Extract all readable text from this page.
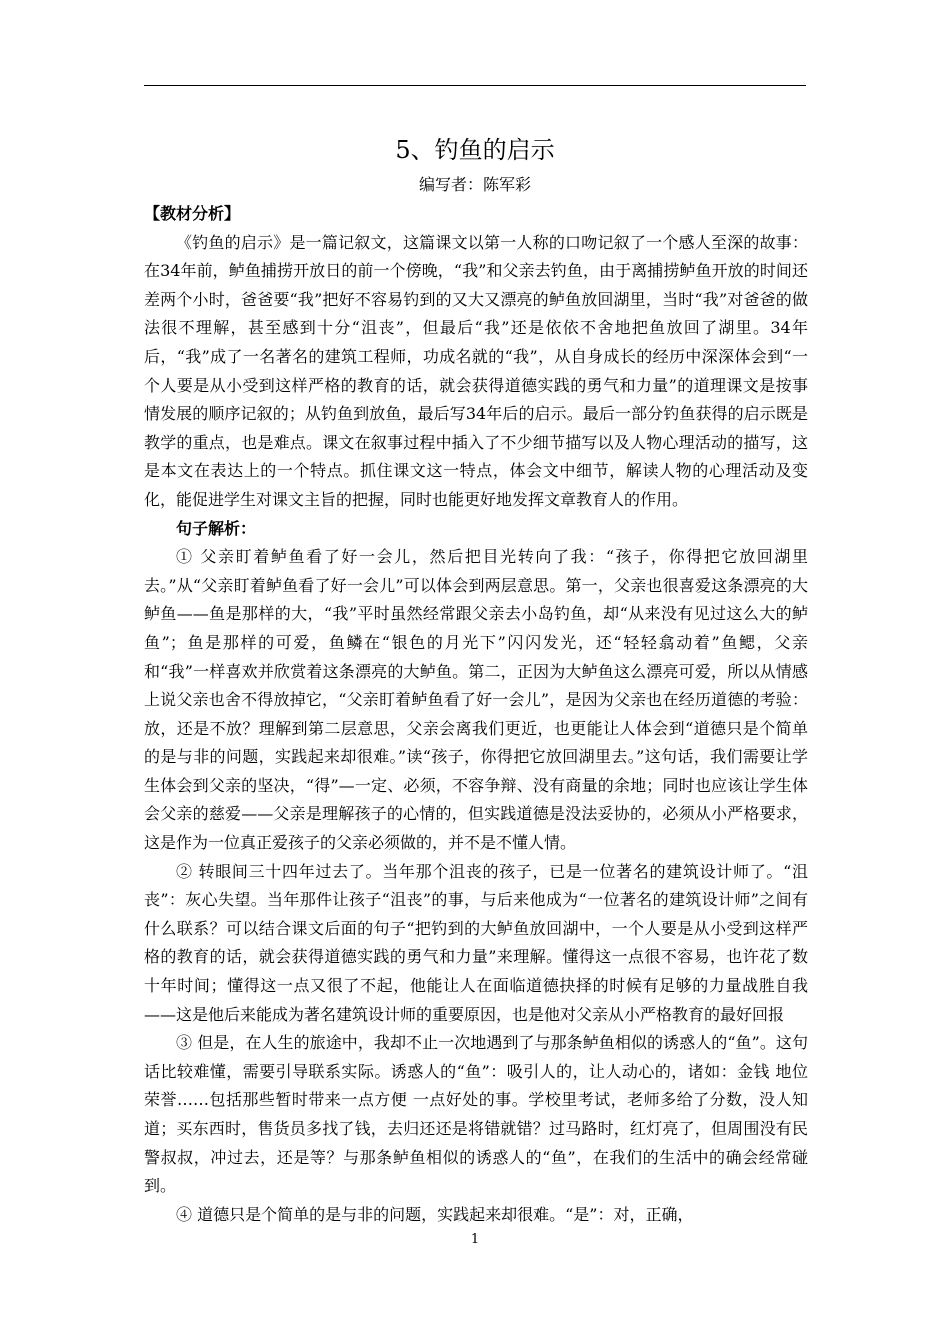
5、钓鱼的启示
编写者：陈军彩

【教材分析】

《钓鱼的启示》是一篇记叙文，这篇课文以第一人称的口吻记叙了一个感人至深的故事：在34年前，鲈鱼捕捞开放日的前一个傍晚，“我”和父亲去钓鱼，由于离捕捞鲈鱼开放的时间还差两个小时，爸爸要“我”把好不容易钓到的又大又漂亮的鲈鱼放回湖里，当时“我”对爸爸的做法很不理解，甚至感到十分“沮丧”，但最后“我”还是依依不舍地把鱼放回了湖里。34年后，“我”成了一名著名的建筑工程师，功成名就的“我”，从自身成长的经历中深深体会到“一个人要是从小受到这样严格的教育的话，就会获得道德实践的勇气和力量”的道理课文是按事情发展的顺序记叙的；从钓鱼到放鱼，最后写34年后的启示。最后一部分钓鱼获得的启示既是教学的重点，也是难点。课文在叙事过程中插入了不少细节描写以及人物心理活动的描写，这是本文在表达上的一个特点。抓住课文这一特点，体会文中细节，解读人物的心理活动及变化，能促进学生对课文主旨的把握，同时也能更好地发挥文章教育人的作用。

句子解析：

① 父亲盯着鲈鱼看了好一会儿，然后把目光转向了我：“孩子，你得把它放回湖里去。”从“父亲盯着鲈鱼看了好一会儿”可以体会到两层意思。第一，父亲也很喜爱这条漂亮的大鲈鱼——鱼是那样的大，“我”平时虽然经常跟父亲去小岛钓鱼，却“从来没有见过这么大的鲈鱼”；鱼是那样的可爱，鱼鳞在“银色的月光下”闪闪发光，还“轻轻翕动着”鱼鳃，父亲和“我”一样喜欢并欣赏着这条漂亮的大鲈鱼。第二，正因为大鲈鱼这么漂亮可爱，所以从情感上说父亲也舍不得放掉它，“父亲盯着鲈鱼看了好一会儿”，是因为父亲也在经历道德的考验：放，还是不放？理解到第二层意思，父亲会离我们更近，也更能让人体会到“道德只是个简单的是与非的问题，实践起来却很难。”读“孩子，你得把它放回湖里去。”这句话，我们需要让学生体会到父亲的坚决，“得”—一定、必须，不容争辩、没有商量的余地；同时也应该让学生体会父亲的慈爱——父亲是理解孩子的心情的，但实践道德是没法妥协的，必须从小严格要求，这是作为一位真正爱孩子的父亲必须做的，并不是不懂人情。

② 转眼间三十四年过去了。当年那个沮丧的孩子，已是一位著名的建筑设计师了。“沮丧”：灰心失望。当年那件让孩子“沮丧”的事，与后来他成为“一位著名的建筑设计师”之间有什么联系？可以结合课文后面的句子“把钓到的大鲈鱼放回湖中，一个人要是从小受到这样严格的教育的话，就会获得道德实践的勇气和力量”来理解。懂得这一点很不容易，也许花了数十年时间；懂得这一点又很了不起，他能让人在面临道德抉择的时候有足够的力量战胜自我——这是他后来能成为著名建筑设计师的重要原因，也是他对父亲从小严格教育的最好回报

③ 但是，在人生的旅途中，我却不止一次地遇到了与那条鲈鱼相似的诱惑人的“鱼”。这句话比较难懂，需要引导联系实际。诱惑人的“鱼”：吸引人的，让人动心的，诸如：金钱 地位 荣誉……包括那些暂时带来一点方便 一点好处的事。学校里考试，老师多给了分数，没人知道；买东西时，售货员多找了钱，去归还还是将错就错？过马路时，红灯亮了，但周围没有民警叔叔，冲过去，还是等？与那条鲈鱼相似的诱惑人的“鱼”，在我们的生活中的确会经常碰到。

④ 道德只是个简单的是与非的问题，实践起来却很难。“是”：对，正确，

1
